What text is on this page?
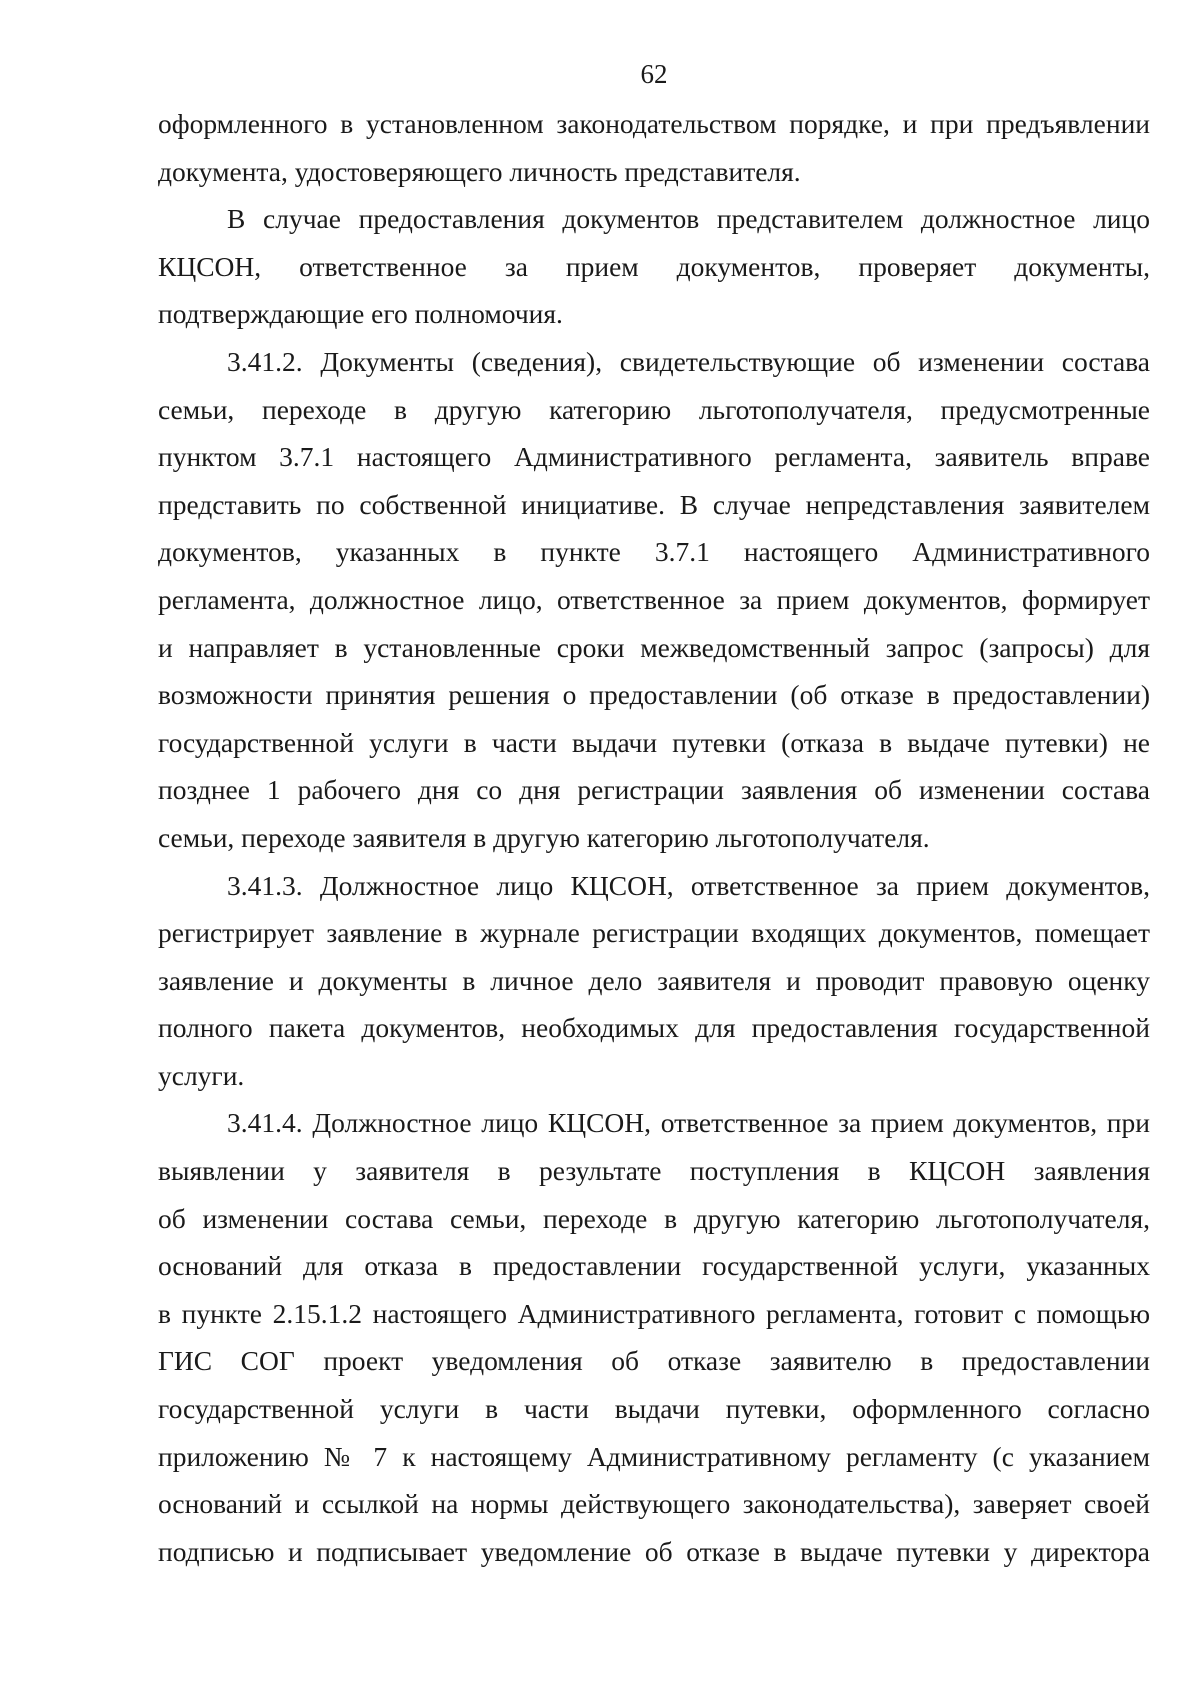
62
оформленного в установленном законодательством порядке, и при предъявлении
документа, удостоверяющего личность представителя.
В случае предоставления документов представителем должностное лицо
КЦСОН, ответственное за прием документов, проверяет документы,
подтверждающие его полномочия.
3.41.2. Документы (сведения), свидетельствующие об изменении состава
семьи, переходе в другую категорию льготополучателя, предусмотренные
пунктом 3.7.1 настоящего Административного регламента, заявитель вправе
представить по собственной инициативе. В случае непредставления заявителем
документов, указанных в пункте 3.7.1 настоящего Административного
регламента, должностное лицо, ответственное за прием документов, формирует
и направляет в установленные сроки межведомственный запрос (запросы) для
возможности принятия решения о предоставлении (об отказе в предоставлении)
государственной услуги в части выдачи путевки (отказа в выдаче путевки) не
позднее 1 рабочего дня со дня регистрации заявления об изменении состава
семьи, переходе заявителя в другую категорию льготополучателя.
3.41.3. Должностное лицо КЦСОН, ответственное за прием документов,
регистрирует заявление в журнале регистрации входящих документов, помещает
заявление и документы в личное дело заявителя и проводит правовую оценку
полного пакета документов, необходимых для предоставления государственной
услуги.
3.41.4. Должностное лицо КЦСОН, ответственное за прием документов, при
выявлении у заявителя в результате поступления в КЦСОН заявления
об изменении состава семьи, переходе в другую категорию льготополучателя,
оснований для отказа в предоставлении государственной услуги, указанных
в пункте 2.15.1.2 настоящего Административного регламента, готовит с помощью
ГИС СОГ проект уведомления об отказе заявителю в предоставлении
государственной услуги в части выдачи путевки, оформленного согласно
приложению № 7 к настоящему Административному регламенту (с указанием
оснований и ссылкой на нормы действующего законодательства), заверяет своей
подписью и подписывает уведомление об отказе в выдаче путевки у директора
